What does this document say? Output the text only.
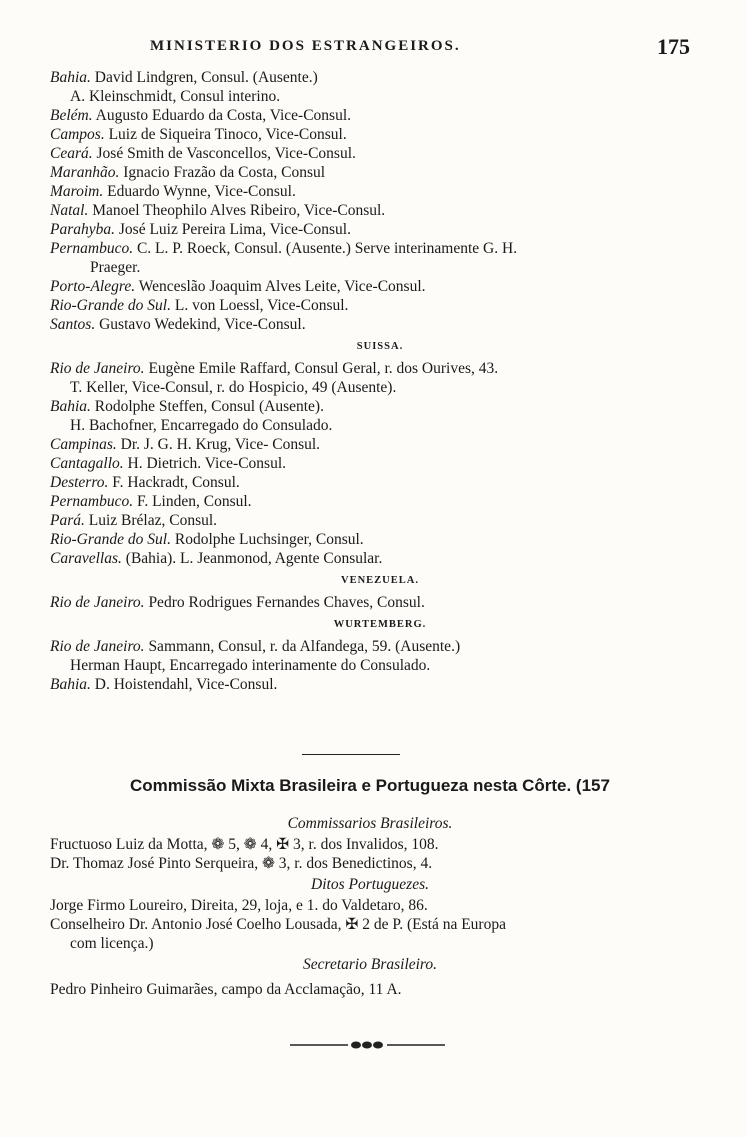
MINISTERIO DOS ESTRANGEIROS.	175
Bahia. David Lindgren, Consul. (Ausente.)
A. Kleinschmidt, Consul interino.
Belém. Augusto Eduardo da Costa, Vice-Consul.
Campos. Luiz de Siqueira Tinoco, Vice-Consul.
Ceará. José Smith de Vasconcellos, Vice-Consul.
Maranhão. Ignacio Frazão da Costa, Consul
Maroim. Eduardo Wynne, Vice-Consul.
Natal. Manoel Theophilo Alves Ribeiro, Vice-Consul.
Parahyba. José Luiz Pereira Lima, Vice-Consul.
Pernambuco. C. L. P. Roeck, Consul. (Ausente.) Serve interinamente G. H.
Praeger.
Porto-Alegre. Wenceslão Joaquim Alves Leite, Vice-Consul.
Rio-Grande do Sul. L. von Loessl, Vice-Consul.
Santos. Gustavo Wedekind, Vice-Consul.
SUISSA.
Rio de Janeiro. Eugène Emile Raffard, Consul Geral, r. dos Ourives, 43.
T. Keller, Vice-Consul, r. do Hospicio, 49 (Ausente).
Bahia. Rodolphe Steffen, Consul (Ausente).
H. Bachofner, Encarregado do Consulado.
Campinas. Dr. J. G. H. Krug, Vice- Consul.
Cantagallo. H. Dietrich. Vice-Consul.
Desterro. F. Hackradt, Consul.
Pernambuco. F. Linden, Consul.
Pará. Luiz Brélaz, Consul.
Rio-Grande do Sul. Rodolphe Luchsinger, Consul.
Caravellas. (Bahia). L. Jeanmonod, Agente Consular.
VENEZUELA.
Rio de Janeiro. Pedro Rodrigues Fernandes Chaves, Consul.
WURTEMBERG.
Rio de Janeiro. Sammann, Consul, r. da Alfandega, 59. (Ausente.)
Herman Haupt, Encarregado interinamente do Consulado.
Bahia. D. Hoistendahl, Vice-Consul.
Commissão Mixta Brasileira e Portugueza nesta Côrte. (157
Commissarios Brasileiros.
Fructuoso Luiz da Motta, ❁ 5, ❁ 4, ✠ 3, r. dos Invalidos, 108.
Dr. Thomaz José Pinto Serqueira, ❁ 3, r. dos Benedictinos, 4.
Ditos Portuguezes.
Jorge Firmo Loureiro, Direita, 29, loja, e 1. do Valdetaro, 86.
Conselheiro Dr. Antonio José Coelho Lousada, ✠ 2 de P. (Está na Europa
com licença.)
Secretario Brasileiro.
Pedro Pinheiro Guimarães, campo da Acclamação, 11 A.
